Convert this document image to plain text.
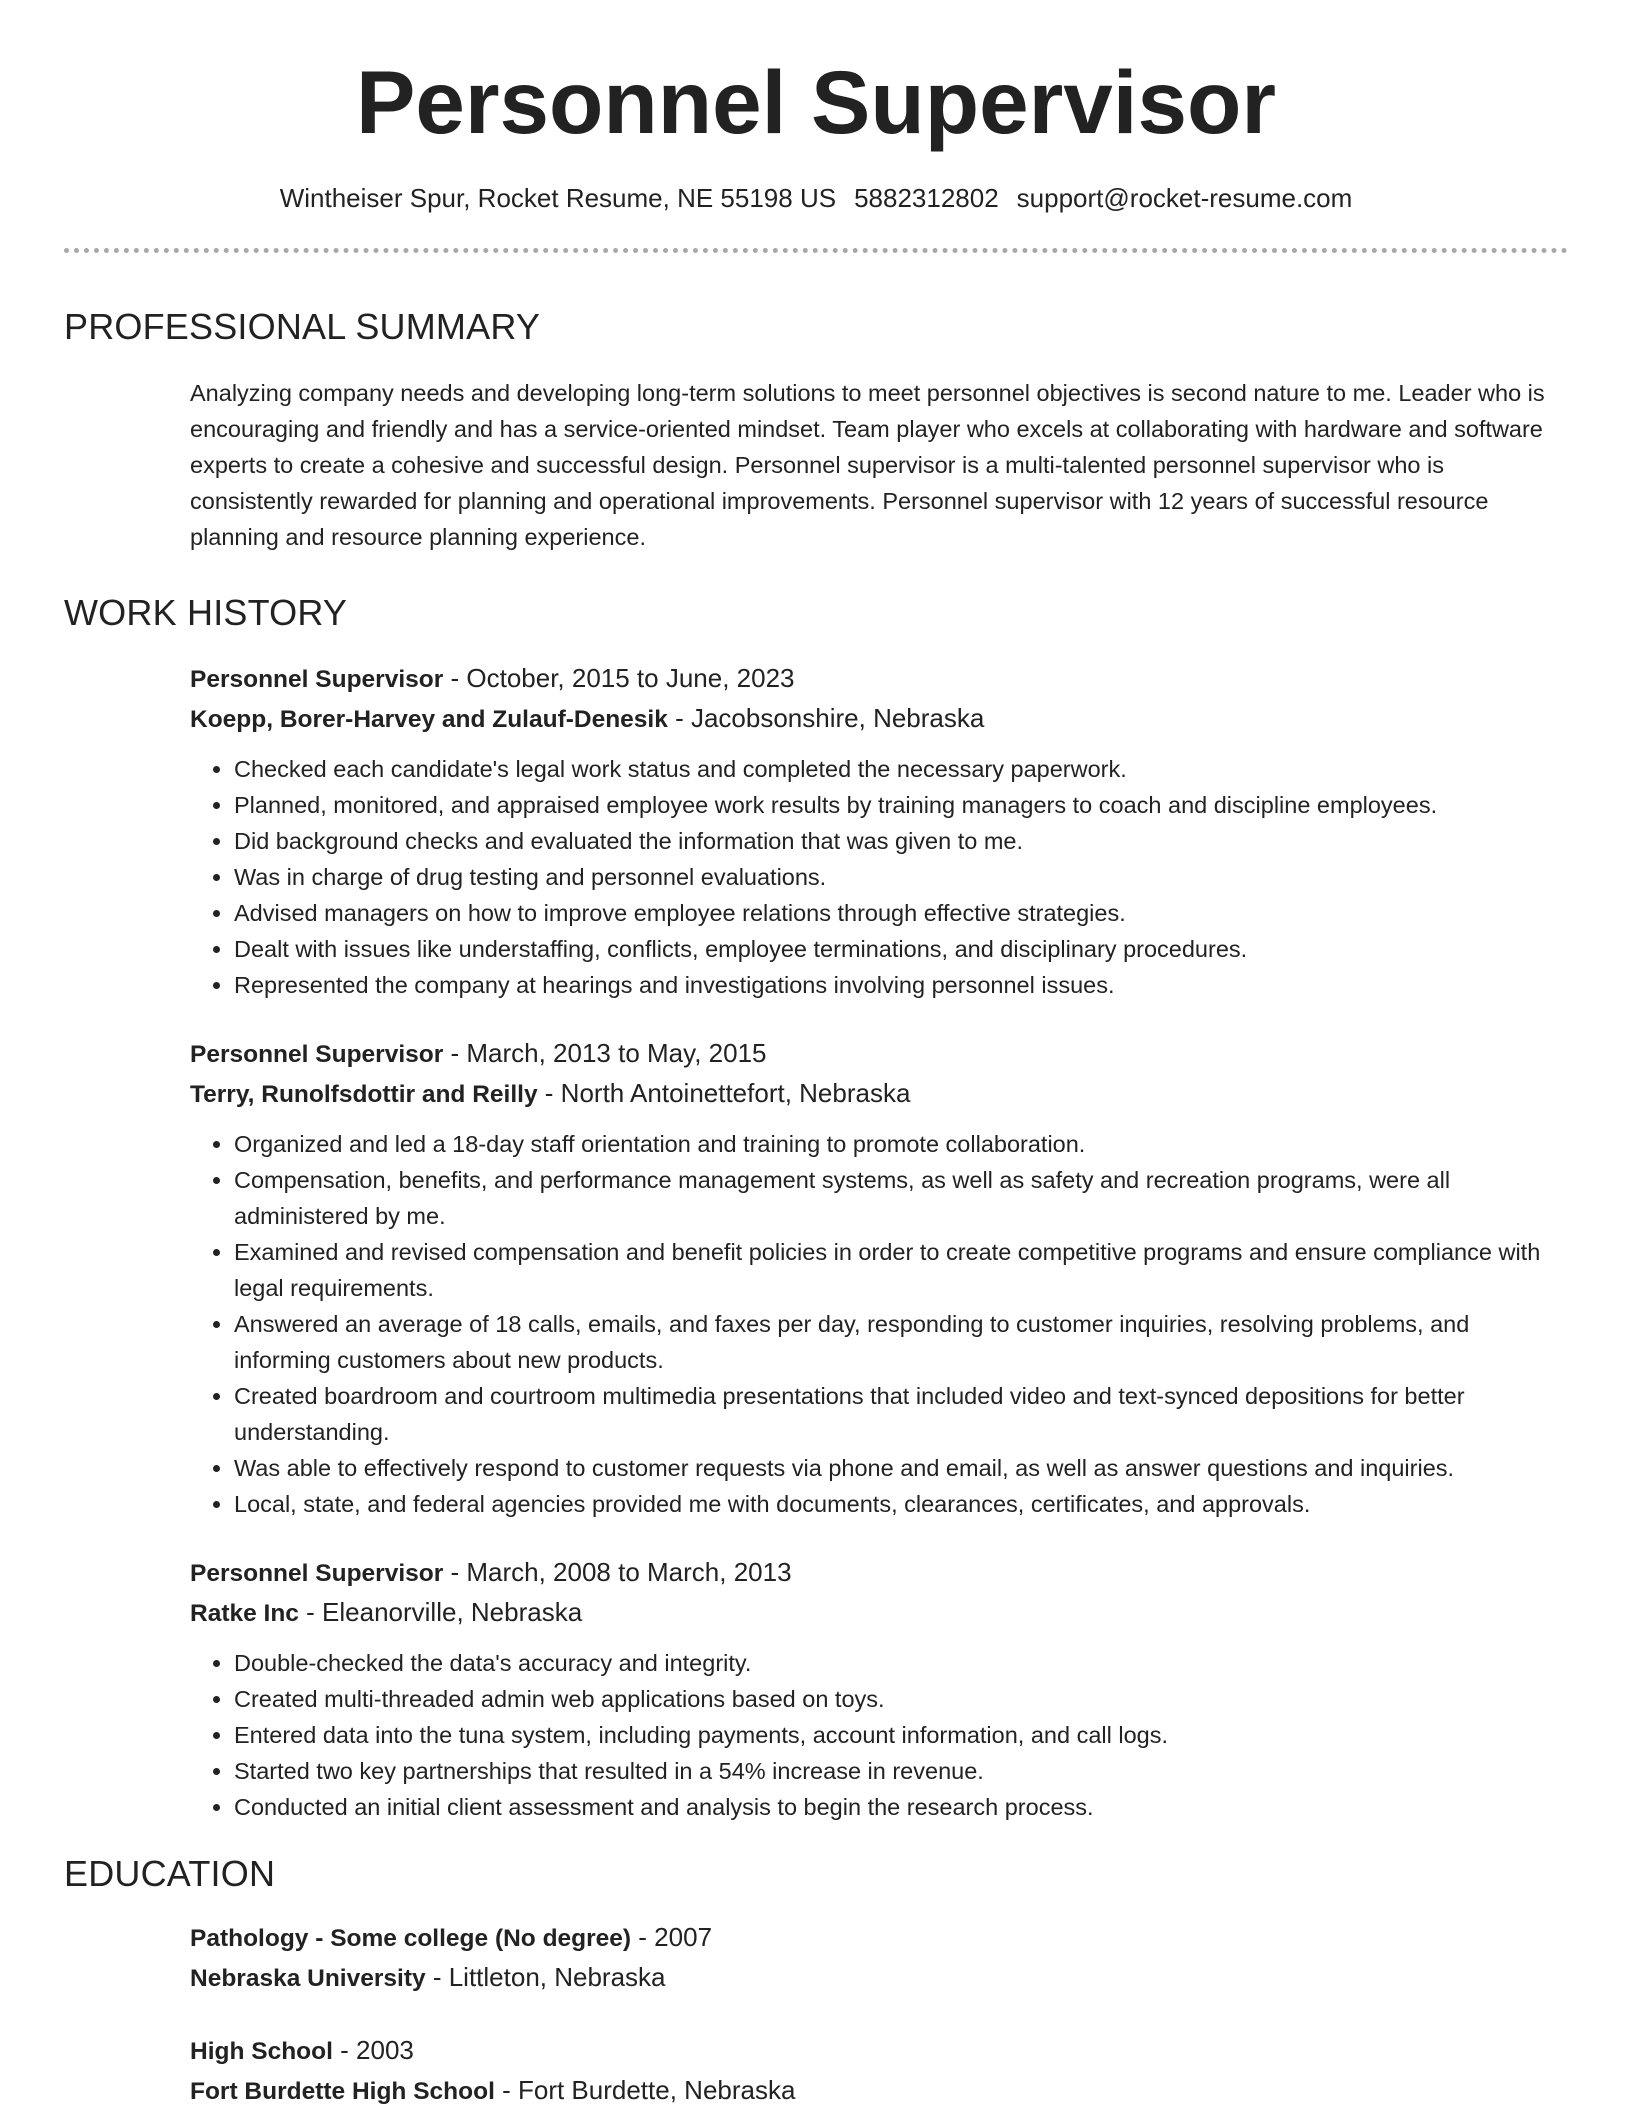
Personnel Supervisor
Wintheiser Spur, Rocket Resume, NE 55198 US 5882312802 support@rocket-resume.com
PROFESSIONAL SUMMARY

Analyzing company needs and developing long-term solutions to meet personnel objectives is second nature to me. Leader who is encouraging and friendly and has a service-oriented mindset. Team player who excels at collaborating with hardware and software experts to create a cohesive and successful design. Personnel supervisor is a multi-talented personnel supervisor who is consistently rewarded for planning and operational improvements. Personnel supervisor with 12 years of successful resource planning and resource planning experience.

WORK HISTORY
Personnel Supervisor - October, 2015 to June, 2023
Koepp, Borer-Harvey and Zulauf-Denesik - Jacobsonshire, Nebraska
• Checked each candidate's legal work status and completed the necessary paperwork.
• Planned, monitored, and appraised employee work results by training managers to coach and discipline employees.
• Did background checks and evaluated the information that was given to me.
• Was in charge of drug testing and personnel evaluations.
• Advised managers on how to improve employee relations through effective strategies.
• Dealt with issues like understaffing, conflicts, employee terminations, and disciplinary procedures.
• Represented the company at hearings and investigations involving personnel issues.
Personnel Supervisor - March, 2013 to May, 2015
Terry, Runolfsdottir and Reilly - North Antoinettefort, Nebraska
• Organized and led a 18-day staff orientation and training to promote collaboration.
• Compensation, benefits, and performance management systems, as well as safety and recreation programs, were all administered by me.
• Examined and revised compensation and benefit policies in order to create competitive programs and ensure compliance with legal requirements.
• Answered an average of 18 calls, emails, and faxes per day, responding to customer inquiries, resolving problems, and informing customers about new products.
• Created boardroom and courtroom multimedia presentations that included video and text-synced depositions for better understanding.
• Was able to effectively respond to customer requests via phone and email, as well as answer questions and inquiries.
• Local, state, and federal agencies provided me with documents, clearances, certificates, and approvals.
Personnel Supervisor - March, 2008 to March, 2013
Ratke Inc - Eleanorville, Nebraska
• Double-checked the data's accuracy and integrity.
• Created multi-threaded admin web applications based on toys.
• Entered data into the tuna system, including payments, account information, and call logs.
• Started two key partnerships that resulted in a 54% increase in revenue.
• Conducted an initial client assessment and analysis to begin the research process.
EDUCATION
Pathology - Some college (No degree) - 2007
Nebraska University - Littleton, Nebraska
High School - 2003
Fort Burdette High School - Fort Burdette, Nebraska
